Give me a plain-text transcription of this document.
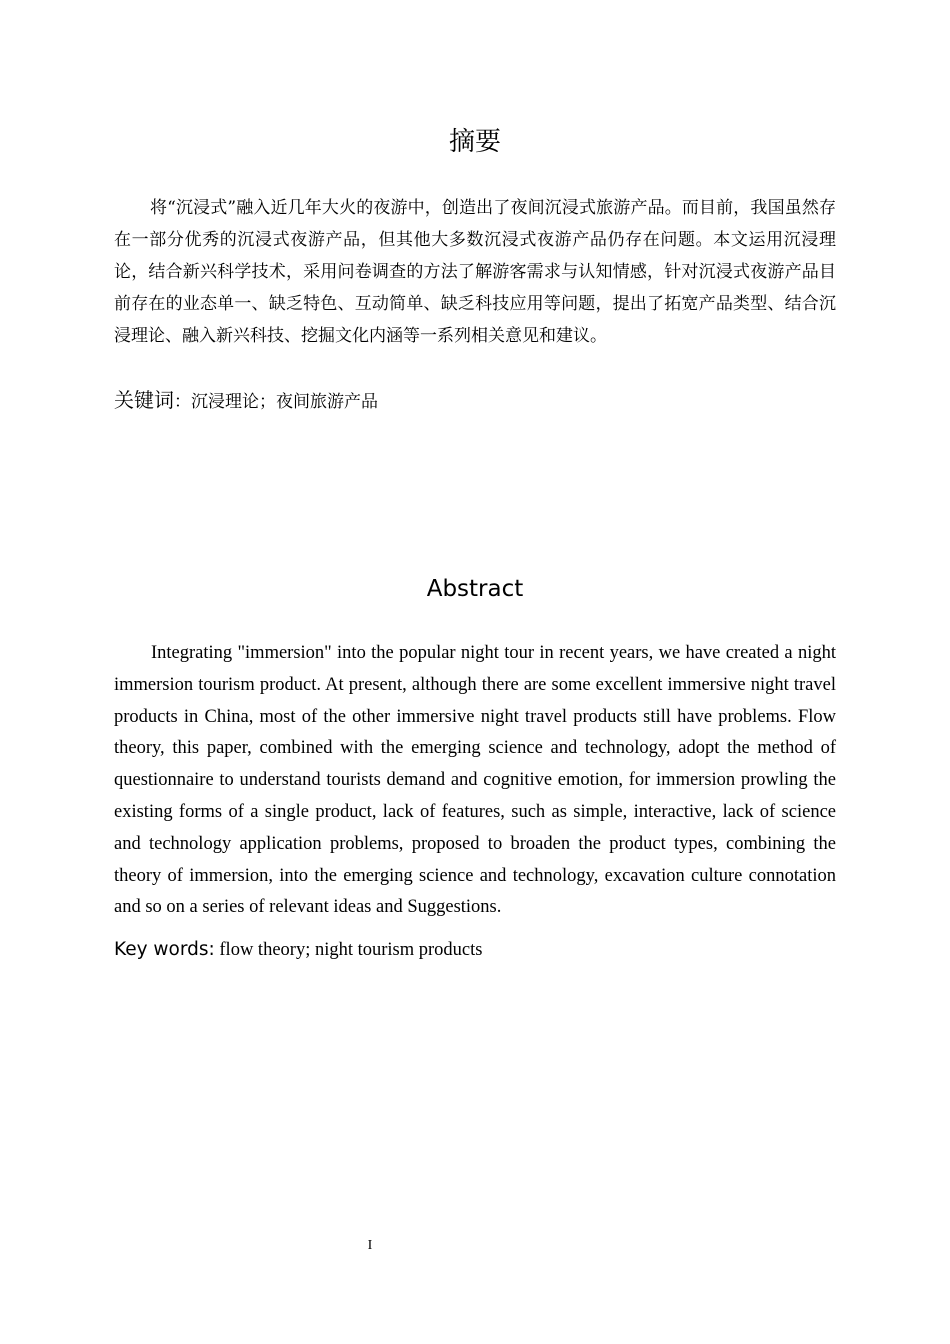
摘要

将“沉浸式”融入近几年大火的夜游中，创造出了夜间沉浸式旅游产品。而目前，我国虽然存在一部分优秀的沉浸式夜游产品，但其他大多数沉浸式夜游产品仍存在问题。本文运用沉浸理论，结合新兴科学技术，采用问卷调查的方法了解游客需求与认知情感，针对沉浸式夜游产品目前存在的业态单一、缺乏特色、互动简单、缺乏科技应用等问题，提出了拓宽产品类型、结合沉浸理论、融入新兴科技、挖掘文化内涵等一系列相关意见和建议。

关键词：沉浸理论；夜间旅游产品
Abstract

Integrating "immersion" into the popular night tour in recent years, we have created a night immersion tourism product. At present, although there are some excellent immersive night travel products in China, most of the other immersive night travel products still have problems. Flow theory, this paper, combined with the emerging science and technology, adopt the method of questionnaire to understand tourists demand and cognitive emotion, for immersion prowling the existing forms of a single product, lack of features, such as simple, interactive, lack of science and technology application problems, proposed to broaden the product types, combining the theory of immersion, into the emerging science and technology, excavation culture connotation and so on a series of relevant ideas and Suggestions.

Key words: flow theory; night tourism products
I
